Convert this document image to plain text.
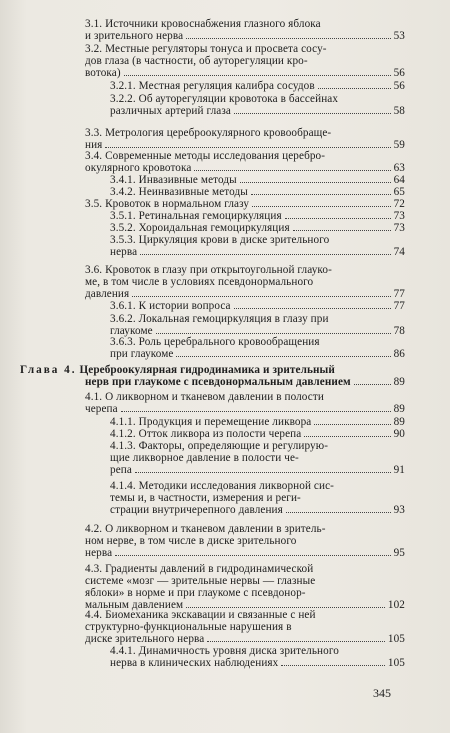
3.1. Источники кровоснабжения глазного яблока
и зрительного нерва	53
3.2. Местные регуляторы тонуса и просвета сосу-
дов глаза (в частности, об ауторегуляции кро-
вотока)	56
3.2.1. Местная регуляция калибра сосудов	56
3.2.2. Об ауторегуляции кровотока в бассейнах
различных артерий глаза	58
3.3. Метрология цереброокулярного кровообраще-
ния	59
3.4. Современные методы исследования церебро-
окулярного кровотока	63
3.4.1. Инвазивные методы	64
3.4.2. Неинвазивные методы	65
3.5. Кровоток в нормальном глазу	72
3.5.1. Ретинальная гемоциркуляция	73
3.5.2. Хороидальная гемоциркуляция	73
3.5.3. Циркуляция крови в диске зрительного
нерва	74
3.6. Кровоток в глазу при открытоугольной глауко-
ме, в том числе в условиях псевдонормального
давления	77
3.6.1. К истории вопроса	77
3.6.2. Локальная гемоциркуляция в глазу при
глаукоме	78
3.6.3. Роль церебрального кровообращения
при глаукоме	86
Глава 4. Цереброокулярная гидродинамика и зрительный
нерв при глаукоме с псевдонормальным давлением	89
4.1. О ликворном и тканевом давлении в полости
черепа	89
4.1.1. Продукция и перемещение ликвора	89
4.1.2. Отток ликвора из полости черепа	90
4.1.3. Факторы, определяющие и регулирую-
щие ликворное давление в полости че-
репа	91
4.1.4. Методики исследования ликворной сис-
темы и, в частности, измерения и реги-
страции внутричерепного давления	93
4.2. О ликворном и тканевом давлении в зритель-
ном нерве, в том числе в диске зрительного
нерва	95
4.3. Градиенты давлений в гидродинамической
системе «мозг — зрительные нервы — глазные
яблоки» в норме и при глаукоме с псевдонор-
мальным давлением	102
4.4. Биомеханика экскавации и связанные с ней
структурно-функциональные нарушения в
диске зрительного нерва	105
4.4.1. Динамичность уровня диска зрительного
нерва в клинических наблюдениях	105
345
